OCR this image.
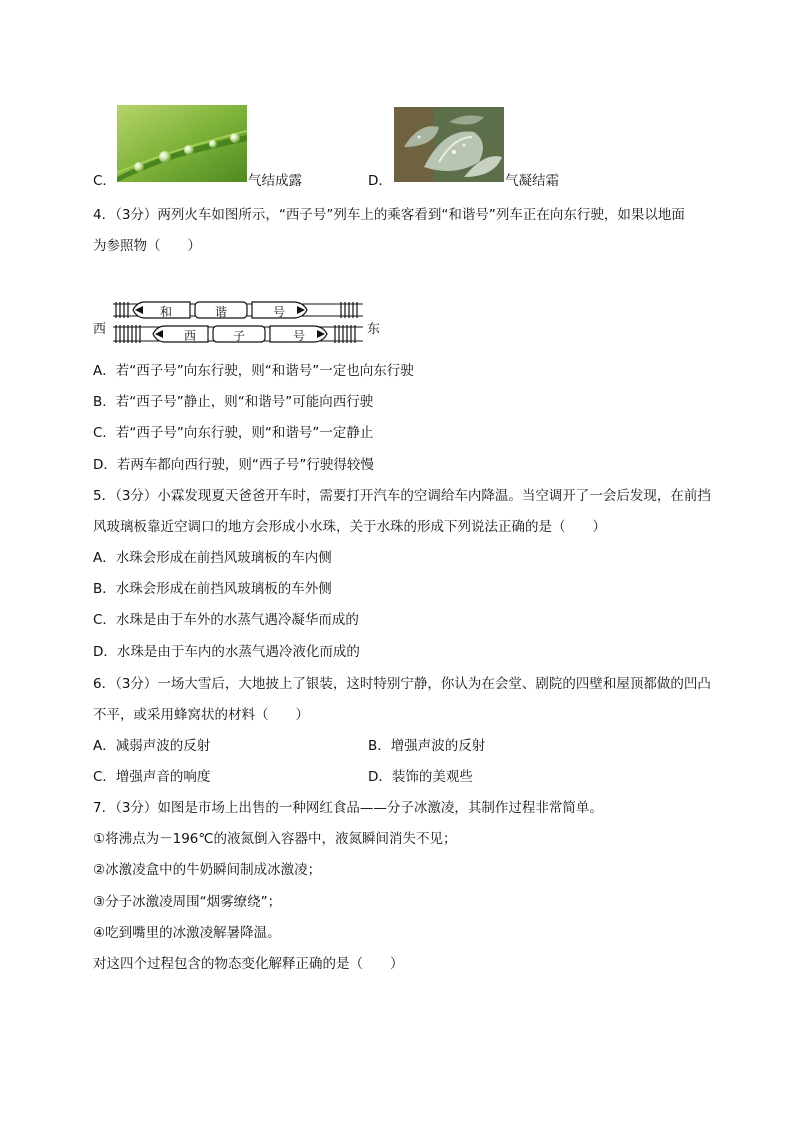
C．	气结成露	D．	气凝结霜
4．（3分）两列火车如图所示，“西子号”列车上的乘客看到“和谐号”列车正在向东行驶，如果以地面
为参照物（　　）
西	东
和	谐	号
西	子	号
A．若“西子号”向东行驶，则“和谐号”一定也向东行驶
B．若“西子号”静止，则“和谐号”可能向西行驶
C．若“西子号”向东行驶，则“和谐号”一定静止
D．若两车都向西行驶，则“西子号”行驶得较慢
5．（3分）小霖发现夏天爸爸开车时，需要打开汽车的空调给车内降温。当空调开了一会后发现，在前挡
风玻璃板靠近空调口的地方会形成小水珠，关于水珠的形成下列说法正确的是（　　）
A．水珠会形成在前挡风玻璃板的车内侧
B．水珠会形成在前挡风玻璃板的车外侧
C．水珠是由于车外的水蒸气遇冷凝华而成的
D．水珠是由于车内的水蒸气遇冷液化而成的
6．（3分）一场大雪后，大地披上了银装，这时特别宁静，你认为在会堂、剧院的四壁和屋顶都做的凹凸
不平，或采用蜂窝状的材料（　　）
A．减弱声波的反射	B．增强声波的反射
C．增强声音的响度	D．装饰的美观些
7．（3分）如图是市场上出售的一种网红食品——分子冰激凌，其制作过程非常简单。
①将沸点为－196℃的液氮倒入容器中，液氮瞬间消失不见；
②冰激凌盒中的牛奶瞬间制成冰激凌；
③分子冰激凌周围“烟雾缭绕”；
④吃到嘴里的冰激凌解暑降温。
对这四个过程包含的物态变化解释正确的是（　　）
